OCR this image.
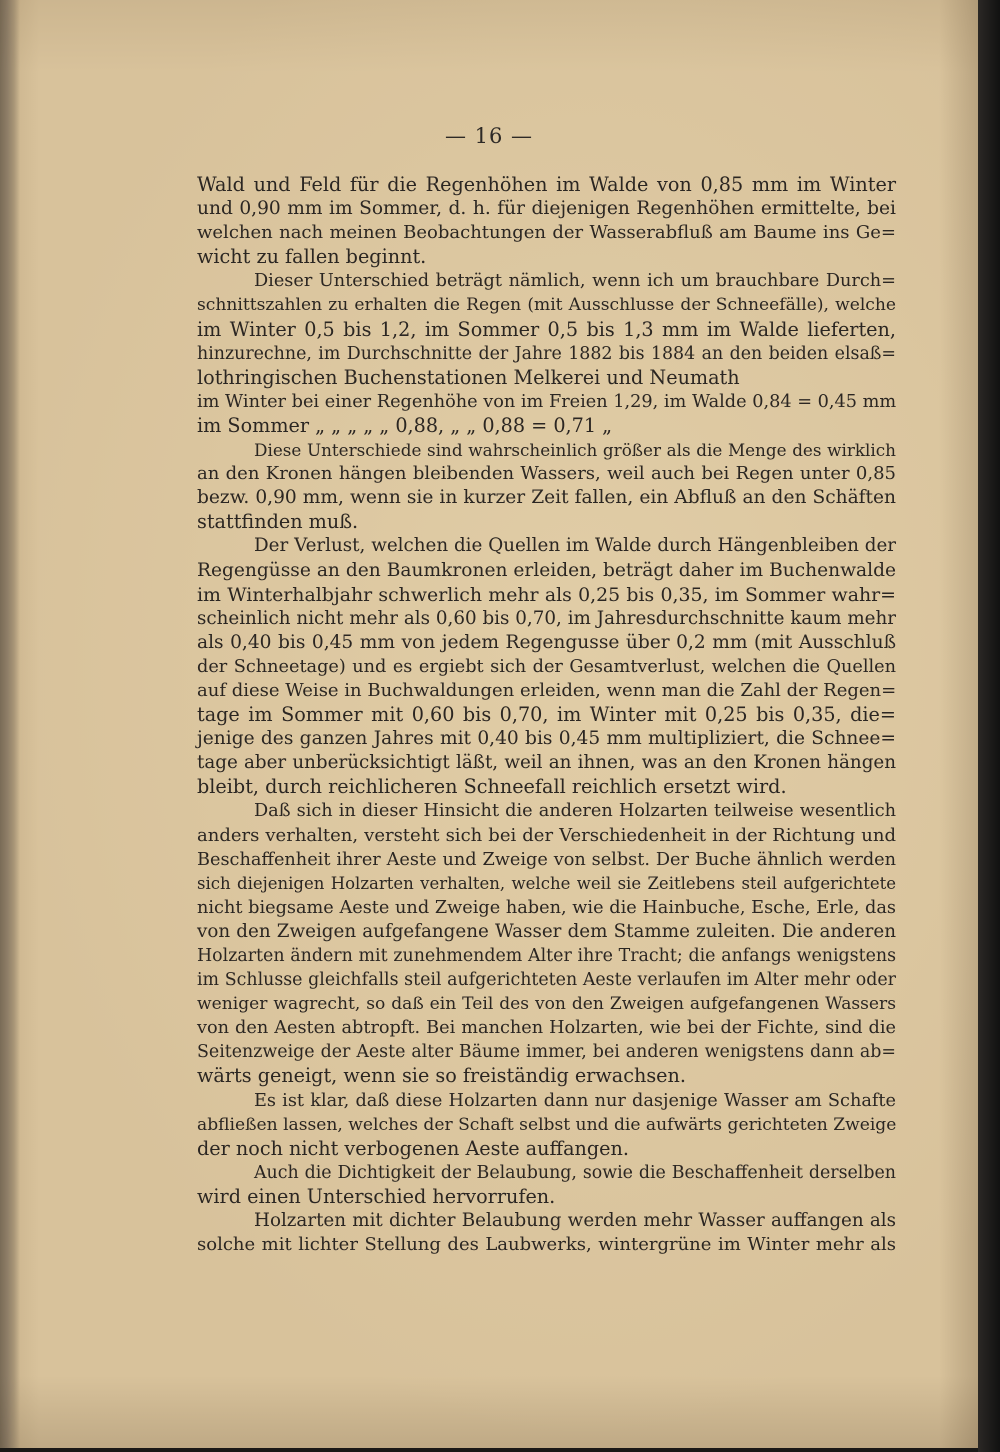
— 16 —
Wald und Feld für die Regenhöhen im Walde von 0,85 mm im Winter
und 0,90 mm im Sommer, d. h. für diejenigen Regenhöhen ermittelte, bei
welchen nach meinen Beobachtungen der Wasserabfluß am Baume ins Ge=
wicht zu fallen beginnt.
Dieser Unterschied beträgt nämlich, wenn ich um brauchbare Durch=
schnittszahlen zu erhalten die Regen (mit Ausschlusse der Schneefälle), welche
im Winter 0,5 bis 1,2, im Sommer 0,5 bis 1,3 mm im Walde lieferten,
hinzurechne, im Durchschnitte der Jahre 1882 bis 1884 an den beiden elsaß=
lothringischen Buchenstationen Melkerei und Neumath
im Winter bei einer Regenhöhe von im Freien 1,29, im Walde 0,84 = 0,45 mm
im Sommer „ „ „ „ „ 0,88, „ „ 0,88 = 0,71 „
Diese Unterschiede sind wahrscheinlich größer als die Menge des wirklich
an den Kronen hängen bleibenden Wassers, weil auch bei Regen unter 0,85
bezw. 0,90 mm, wenn sie in kurzer Zeit fallen, ein Abfluß an den Schäften
stattfinden muß.
Der Verlust, welchen die Quellen im Walde durch Hängenbleiben der
Regengüsse an den Baumkronen erleiden, beträgt daher im Buchenwalde
im Winterhalbjahr schwerlich mehr als 0,25 bis 0,35, im Sommer wahr=
scheinlich nicht mehr als 0,60 bis 0,70, im Jahresdurchschnitte kaum mehr
als 0,40 bis 0,45 mm von jedem Regengusse über 0,2 mm (mit Ausschluß
der Schneetage) und es ergiebt sich der Gesamtverlust, welchen die Quellen
auf diese Weise in Buchwaldungen erleiden, wenn man die Zahl der Regen=
tage im Sommer mit 0,60 bis 0,70, im Winter mit 0,25 bis 0,35, die=
jenige des ganzen Jahres mit 0,40 bis 0,45 mm multipliziert, die Schnee=
tage aber unberücksichtigt läßt, weil an ihnen, was an den Kronen hängen
bleibt, durch reichlicheren Schneefall reichlich ersetzt wird.
Daß sich in dieser Hinsicht die anderen Holzarten teilweise wesentlich
anders verhalten, versteht sich bei der Verschiedenheit in der Richtung und
Beschaffenheit ihrer Aeste und Zweige von selbst. Der Buche ähnlich werden
sich diejenigen Holzarten verhalten, welche weil sie Zeitlebens steil aufgerichtete
nicht biegsame Aeste und Zweige haben, wie die Hainbuche, Esche, Erle, das
von den Zweigen aufgefangene Wasser dem Stamme zuleiten. Die anderen
Holzarten ändern mit zunehmendem Alter ihre Tracht; die anfangs wenigstens
im Schlusse gleichfalls steil aufgerichteten Aeste verlaufen im Alter mehr oder
weniger wagrecht, so daß ein Teil des von den Zweigen aufgefangenen Wassers
von den Aesten abtropft. Bei manchen Holzarten, wie bei der Fichte, sind die
Seitenzweige der Aeste alter Bäume immer, bei anderen wenigstens dann ab=
wärts geneigt, wenn sie so freiständig erwachsen.
Es ist klar, daß diese Holzarten dann nur dasjenige Wasser am Schafte
abfließen lassen, welches der Schaft selbst und die aufwärts gerichteten Zweige
der noch nicht verbogenen Aeste auffangen.
Auch die Dichtigkeit der Belaubung, sowie die Beschaffenheit derselben
wird einen Unterschied hervorrufen.
Holzarten mit dichter Belaubung werden mehr Wasser auffangen als
solche mit lichter Stellung des Laubwerks, wintergrüne im Winter mehr als
